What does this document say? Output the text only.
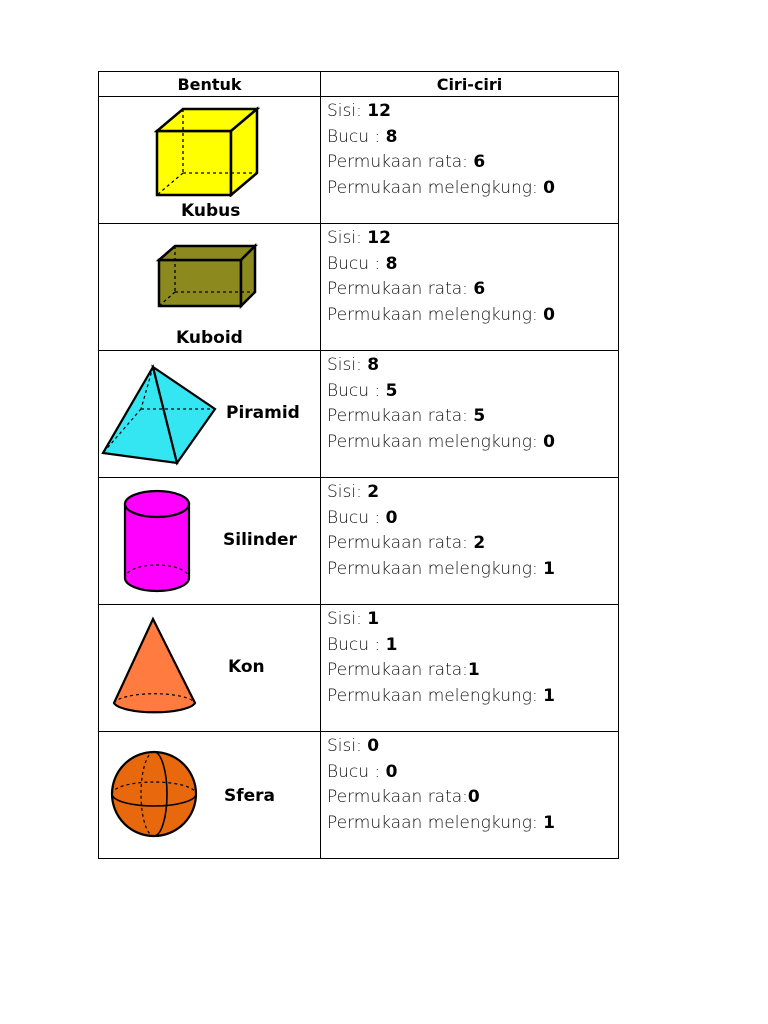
Bentuk	Ciri-ciri

Kubus	Sisi: 12
Bucu : 8
Permukaan rata: 6
Permukaan melengkung: 0

Kuboid	Sisi: 12
Bucu : 8
Permukaan rata: 6
Permukaan melengkung: 0

Piramid	Sisi: 8
Bucu : 5
Permukaan rata: 5
Permukaan melengkung: 0

Silinder	Sisi: 2
Bucu : 0
Permukaan rata: 2
Permukaan melengkung: 1

Kon	Sisi: 1
Bucu : 1
Permukaan rata:1
Permukaan melengkung: 1

Sfera	Sisi: 0
Bucu : 0
Permukaan rata:0
Permukaan melengkung: 1
